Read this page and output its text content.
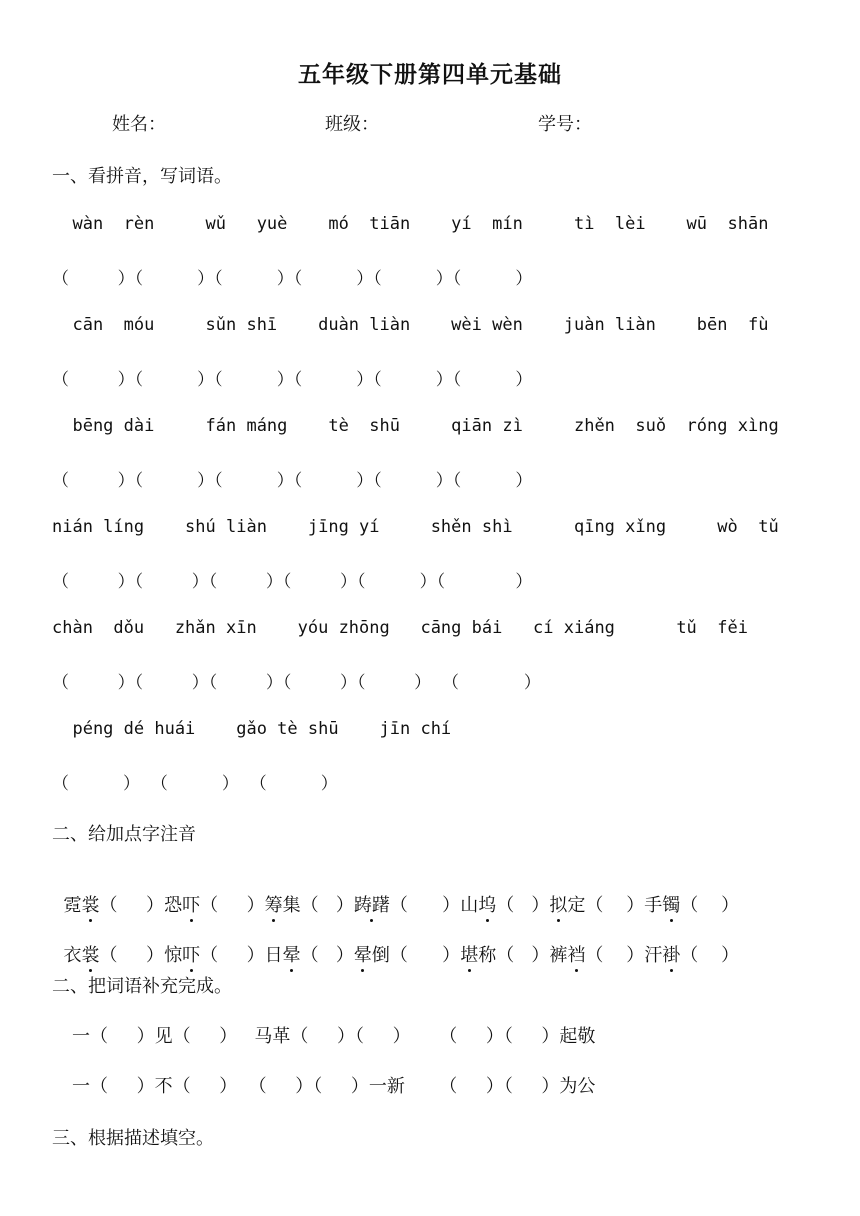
五年级下册第四单元基础
姓名：	班级：	学号：
一、看拼音，写词语。
wàn  rèn     wǔ   yuè    mó  tiān    yí  mín     tì  lèi    wū  shān
（         ）（          ）（          ）（          ）（          ）（          ）
cān  móu     sǔn shī    duàn liàn    wèi wèn    juàn liàn    bēn  fù
（         ）（          ）（          ）（          ）（          ）（          ）
bēng dài     fán máng    tè  shū     qiān zì     zhěn  suǒ  róng xìng
（         ）（          ）（          ）（          ）（          ）（          ）
nián líng    shú liàn    jīng yí     shěn shì      qīng xǐng     wò  tǔ
（         ）（         ）（         ）（         ）（          ）（             ）
chàn  dǒu   zhǎn xīn    yóu zhōng   cāng bái   cí xiáng      tǔ  fěi
（         ）（         ）（         ）（         ）（         ）  （            ）
péng dé huái    gǎo tè shū    jīn chí
（          ）  （          ）  （          ）
二、给加点字注音

霓裳（     ）恐吓（     ）筹集（   ）踌躇（      ）山坞（   ）拟定（    ）手镯（    ）

衣裳（     ）惊吓（     ）日晕（   ）晕倒（      ）堪称（   ）裤裆（    ）汗褂（    ）

二、把词语补充完成。
一（     ）见（     ）   马革（     ）（     ）     （     ）（     ）起敬
一（     ）不（     ）  （     ）（     ）一新      （     ）（     ）为公
三、根据描述填空。
